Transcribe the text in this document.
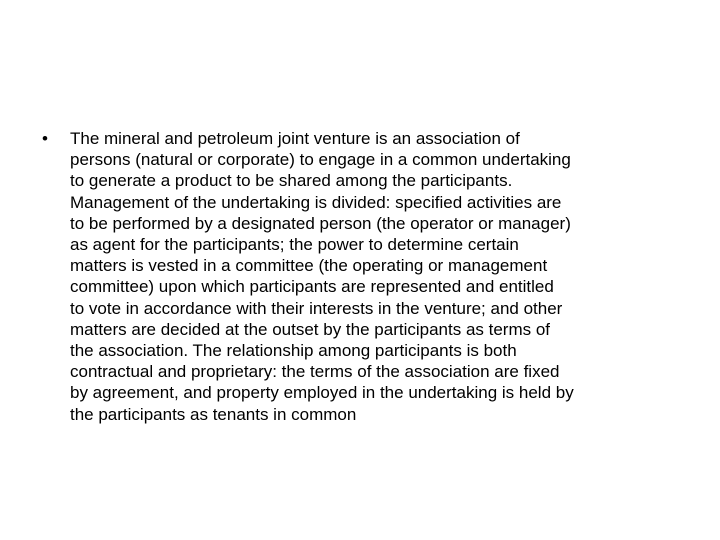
• The mineral and petroleum joint venture is an association of
persons (natural or corporate) to engage in a common undertaking
to generate a product to be shared among the participants.
Management of the undertaking is divided: specified activities are
to be performed by a designated person (the operator or manager)
as agent for the participants; the power to determine certain
matters is vested in a committee (the operating or management
committee) upon which participants are represented and entitled
to vote in accordance with their interests in the venture; and other
matters are decided at the outset by the participants as terms of
the association. The relationship among participants is both
contractual and proprietary: the terms of the association are fixed
by agreement, and property employed in the undertaking is held by
the participants as tenants in common
